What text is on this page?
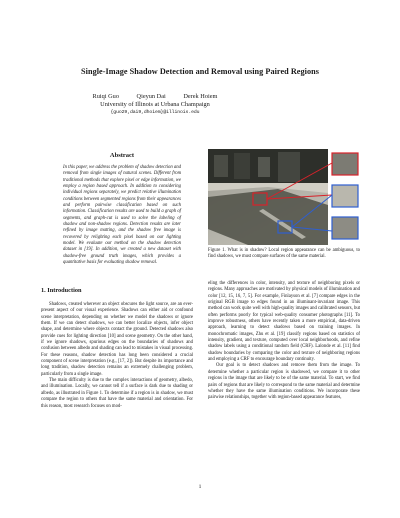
Single-Image Shadow Detection and Removal using Paired Regions
Ruiqi Guo	Qieyun Dai	Derek Hoiem
University of Illinois at Urbana Champaign
{guo29,dai9,dhoiem}@illinois.edu
Abstract
In this paper, we address the problem of shadow detection and removal from single images of natural scenes. Different from traditional methods that explore pixel or edge information, we employ a region based approach. In addition to considering individual regions separately, we predict relative illumination conditions between segmented regions from their appearances and perform pairwise classification based on such information. Classification results are used to build a graph of segments, and graph-cut is used to solve the labeling of shadow and non-shadow regions. Detection results are later refined by image matting, and the shadow free image is recovered by relighting each pixel based on our lighting model. We evaluate our method on the shadow detection dataset in [19]. In addition, we created a new dataset with shadow-free ground truth images, which provides a quantitative basis for evaluating shadow removal.
1. Introduction

Shadows, created wherever an object obscures the light source, are an ever-present aspect of our visual experience. Shadows can either aid or confound scene interpretation, depending on whether we model the shadows or ignore them. If we can detect shadows, we can better localize objects, infer object shape, and determine where objects contact the ground. Detected shadows also provide cues for lighting direction [10] and scene geometry. On the other hand, if we ignore shadows, spurious edges on the boundaries of shadows and confusion between albedo and shading can lead to mistakes in visual processing. For these reasons, shadow detection has long been considered a crucial component of scene interpretation (e.g., [17, 2]). But despite its importance and long tradition, shadow detection remains an extremely challenging problem, particularly from a single image.

The main difficulty is due to the complex interactions of geometry, albedo, and illumination. Locally, we cannot tell if a surface is dark due to shading or albedo, as illustrated in Figure 1. To determine if a region is in shadow, we must compare the region to others that have the same material and orientation. For this reason, most research focuses on mod-

Figure 1. What is in shadow? Local region appearance can be ambiguous, to find shadows, we must compare surfaces of the same material.

eling the differences in color, intensity, and texture of neighboring pixels or regions. Many approaches are motivated by physical models of illumination and color [12, 15, 16, 7, 5]. For example, Finlayson et al. [7] compare edges in the original RGB image to edges found in an illuminant-invariant image. This method can work quite well with high-quality images and calibrated sensors, but often performs poorly for typical web-quality consumer photographs [11]. To improve robustness, others have recently taken a more empirical, data-driven approach, learning to detect shadows based on training images. In monochromatic images, Zhu et al. [19] classify regions based on statistics of intensity, gradient, and texture, computed over local neighborhoods, and refine shadow labels using a conditional random field (CRF). Lalonde et al. [11] find shadow boundaries by comparing the color and texture of neighboring regions and employing a CRF to encourage boundary continuity.

Our goal is to detect shadows and remove them from the image. To determine whether a particular region is shadowed, we compare it to other regions in the image that are likely to be of the same material. To start, we find pairs of regions that are likely to correspond to the same material and determine whether they have the same illumination conditions. We incorporate these pairwise relationships, together with region-based appearance features,

1
